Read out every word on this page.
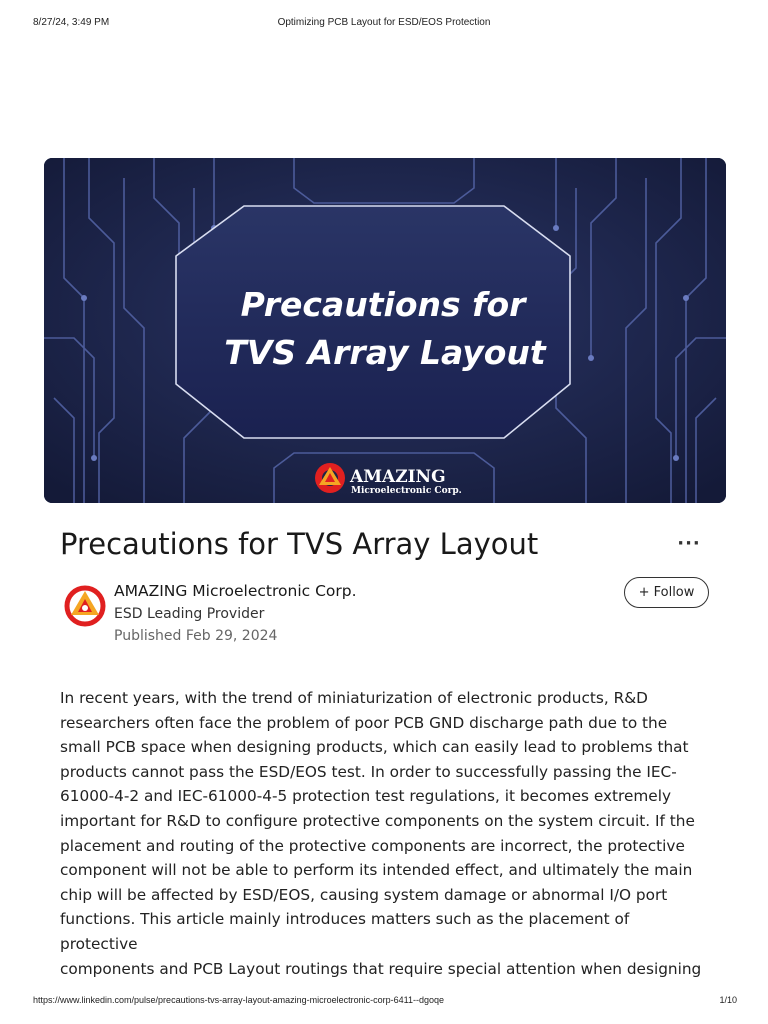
8/27/24, 3:49 PM	Optimizing PCB Layout for ESD/EOS Protection
Precautions for
TVS Array Layout
AMAZING
Microelectronic Corp.
Precautions for TVS Array Layout	···
AMAZING Microelectronic Corp.
ESD Leading Provider
Published Feb 29, 2024
+ Follow

In recent years, with the trend of miniaturization of electronic products, R&D

researchers often face the problem of poor PCB GND discharge path due to the

small PCB space when designing products, which can easily lead to problems that

products cannot pass the ESD/EOS test. In order to successfully passing the IEC-

61000-4-2 and IEC-61000-4-5 protection test regulations, it becomes extremely

important for R&D to configure protective components on the system circuit. If the

placement and routing of the protective components are incorrect, the protective

component will not be able to perform its intended effect, and ultimately the main

chip will be affected by ESD/EOS, causing system damage or abnormal I/O port

functions. This article mainly introduces matters such as the placement of protective

components and PCB Layout routings that require special attention when designing

https://www.linkedin.com/pulse/precautions-tvs-array-layout-amazing-microelectronic-corp-6411--dgoqe	1/10
